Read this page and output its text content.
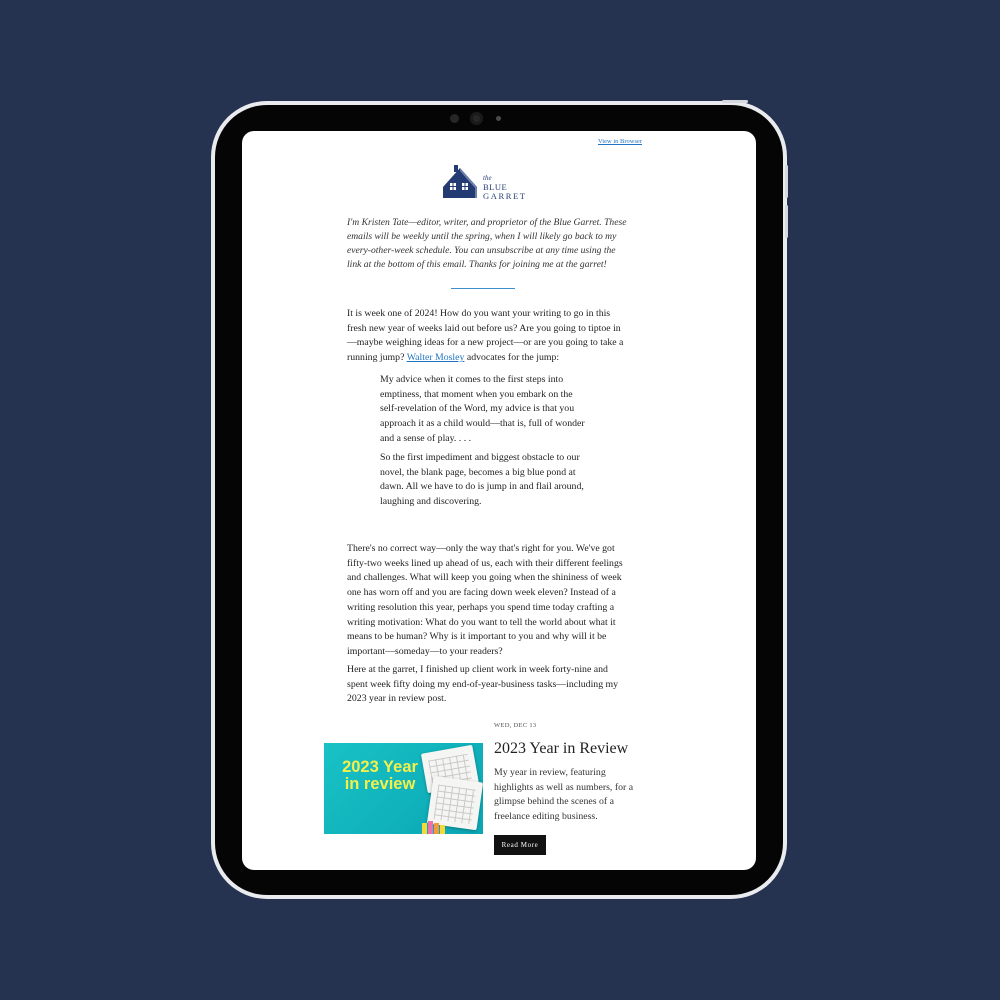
View in Browser
the
BLUE
GARRET
I'm Kristen Tate—editor, writer, and proprietor of the Blue Garret. These emails will be weekly until the spring, when I will likely go back to my every-other-week schedule. You can unsubscribe at any time using the link at the bottom of this email. Thanks for joining me at the garret!
It is week one of 2024! How do you want your writing to go in this fresh new year of weeks laid out before us? Are you going to tiptoe in—maybe weighing ideas for a new project—or are you going to take a running jump? Walter Mosley advocates for the jump:
My advice when it comes to the first steps into emptiness, that moment when you embark on the self-revelation of the Word, my advice is that you approach it as a child would—that is, full of wonder and a sense of play. . . .
So the first impediment and biggest obstacle to our novel, the blank page, becomes a big blue pond at dawn. All we have to do is jump in and flail around, laughing and discovering.
There's no correct way—only the way that's right for you. We've got fifty-two weeks lined up ahead of us, each with their different feelings and challenges. What will keep you going when the shininess of week one has worn off and you are facing down week eleven? Instead of a writing resolution this year, perhaps you spend time today crafting a writing motivation: What do you want to tell the world about what it means to be human? Why is it important to you and why will it be important—someday—to your readers?
Here at the garret, I finished up client work in week forty-nine and spent week fifty doing my end-of-year-business tasks—including my 2023 year in review post.
WED, DEC 13
2023 Year in review
2023 Year in Review
My year in review, featuring highlights as well as numbers, for a glimpse behind the scenes of a freelance editing business.
Read More
